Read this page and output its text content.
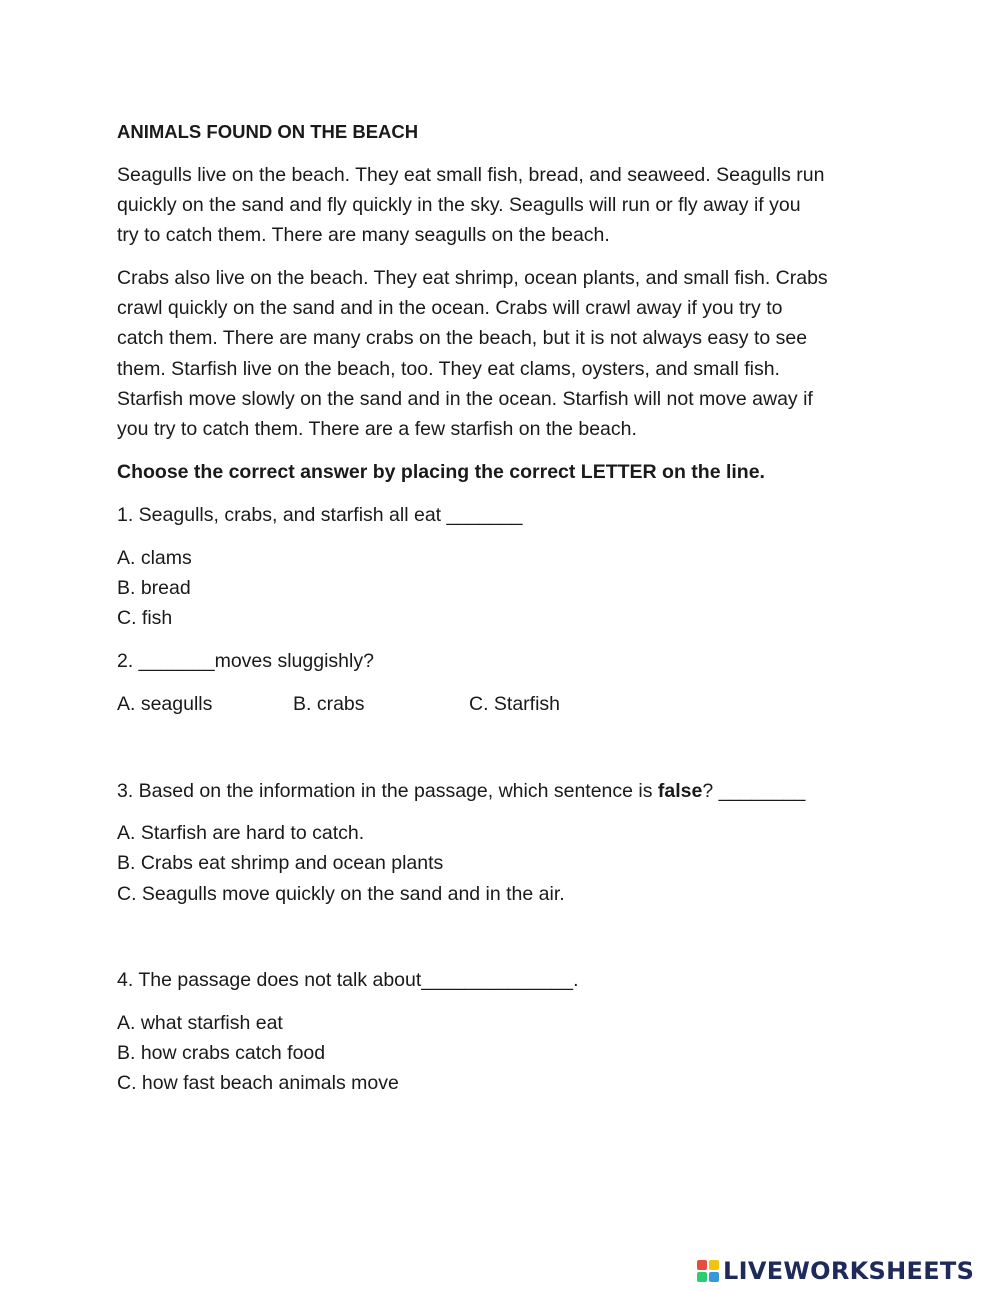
ANIMALS FOUND ON THE BEACH
Seagulls live on the beach. They eat small fish, bread, and seaweed. Seagulls run
quickly on the sand and fly quickly in the sky. Seagulls will run or fly away if you
try to catch them. There are many seagulls on the beach.
Crabs also live on the beach. They eat shrimp, ocean plants, and small fish. Crabs
crawl quickly on the sand and in the ocean. Crabs will crawl away if you try to
catch them. There are many crabs on the beach, but it is not always easy to see
them. Starfish live on the beach, too. They eat clams, oysters, and small fish.
Starfish move slowly on the sand and in the ocean. Starfish will not move away if
you try to catch them. There are a few starfish on the beach.
Choose the correct answer by placing the correct LETTER on the line.
1. Seagulls, crabs, and starfish all eat _______
A. clams
B. bread
C. fish
2. _______moves sluggishly?
A. seagulls	B. crabs	C. Starfish
3. Based on the information in the passage, which sentence is false? ________
A. Starfish are hard to catch.
B. Crabs eat shrimp and ocean plants
C. Seagulls move quickly on the sand and in the air.
4. The passage does not talk about______________.
A. what starfish eat
B. how crabs catch food
C. how fast beach animals move
LIVEWORKSHEETS
